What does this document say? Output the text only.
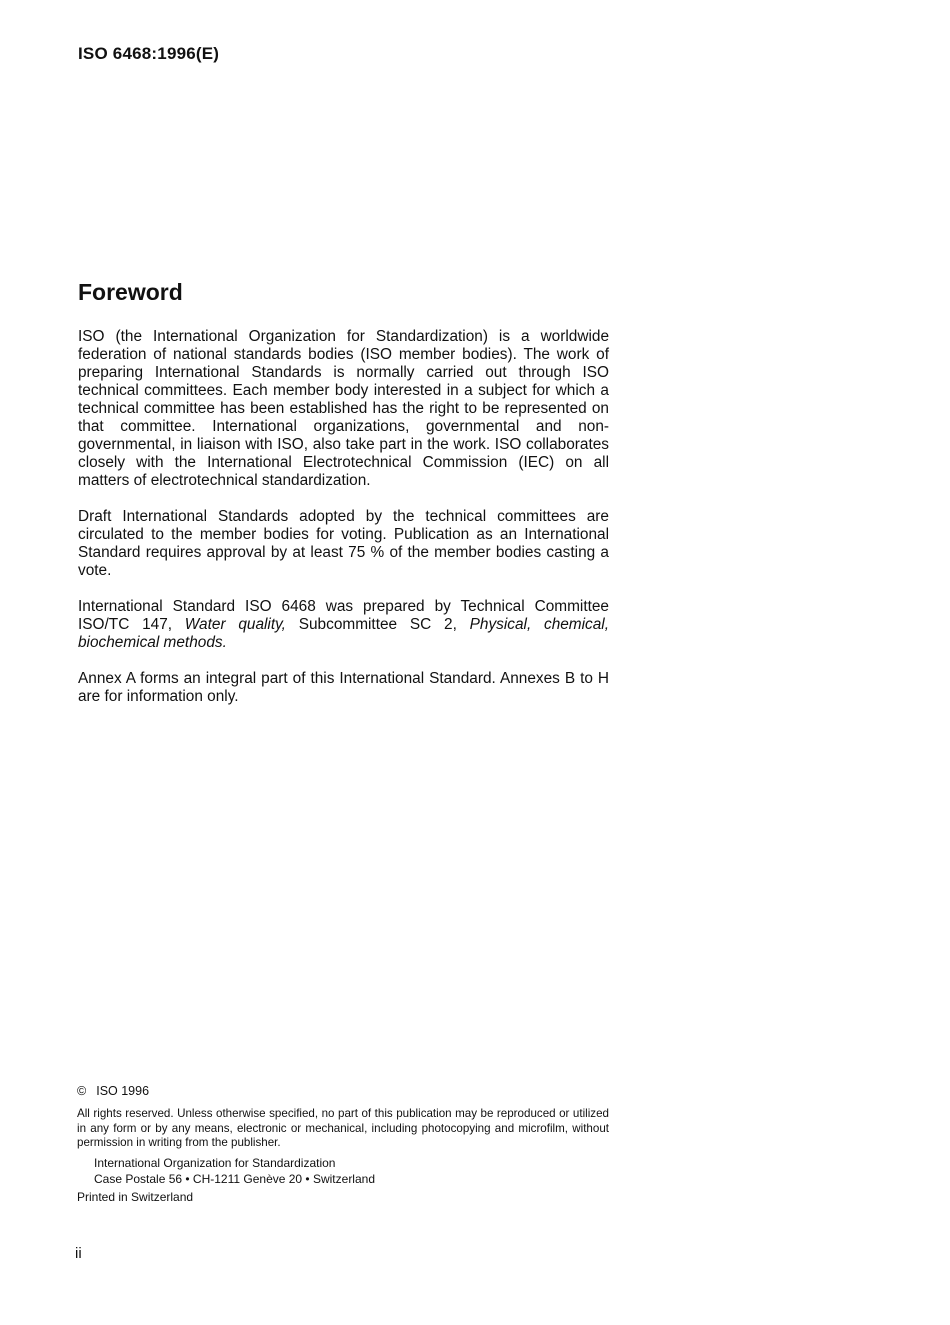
ISO 6468:1996(E)
Foreword

ISO (the International Organization for Standardization) is a worldwide federation of national standards bodies (ISO member bodies). The work of preparing International Standards is normally carried out through ISO technical committees. Each member body interested in a subject for which a technical committee has been established has the right to be represented on that committee. International organizations, governmental and non-governmental, in liaison with ISO, also take part in the work. ISO collaborates closely with the International Electrotechnical Commission (IEC) on all matters of electrotechnical standardization.

Draft International Standards adopted by the technical committees are circulated to the member bodies for voting. Publication as an International Standard requires approval by at least 75 % of the member bodies casting a vote.

International Standard ISO 6468 was prepared by Technical Committee ISO/TC 147, Water quality, Subcommittee SC 2, Physical, chemical, biochemical methods.

Annex A forms an integral part of this International Standard. Annexes B to H are for information only.

© ISO 1996
All rights reserved. Unless otherwise specified, no part of this publication may be reproduced or utilized in any form or by any means, electronic or mechanical, including photocopying and microfilm, without permission in writing from the publisher.
International Organization for Standardization
Case Postale 56 • CH-1211 Genève 20 • Switzerland
Printed in Switzerland
ii
